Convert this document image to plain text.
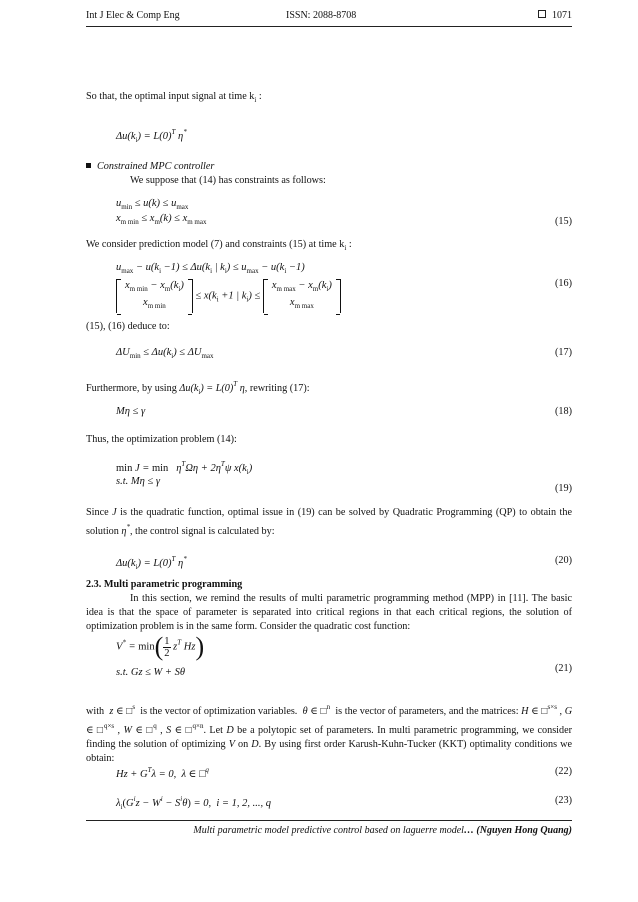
Int J Elec & Comp Eng	ISSN: 2088-8708	1071
So that, the optimal input signal at time $k_i$ :
$\Delta u(k_i) = L(0)^T$ η*
Constrained MPC controller
We suppose that (14) has constraints as follows:
$u_{min} \le u(k) \le u_{max}$
$x_{m min} \le x_m(k) \le x_{m max}$	(15)
We consider prediction model (7) and constraints (15) at time $k_i$ :
$u_{max} - u(k_i -1) \le \Delta u(k_i$ | $k_i) \le u_{max} - u(k_i -1)$
$x_{m min} - x_m(k_i)$
$x_{m min}$
≤ $x(k_i +1$ | $k_i$) ≤
$x_{m max} - x_m(k_i)$
$x_{m max}$
(16)
(15), (16) deduce to:
$\Delta U_{min} \le \Delta u(k_i) \le \Delta U_{max}$	(17)
Furthermore, by using $\Delta u(k_i) = L(0)^T$ η, rewriting (17):
Mη ≤ γ	(18)
Thus, the optimization problem (14):
$\min J = \min \eta^T\Omega\eta + 2\eta^T\psi$ $x(k_i)$
s.t. Mη ≤ γ
(19)
Since J is the quadratic function, optimal issue in (19) can be solved by Quadratic Programming (QP) to obtain the solution η*, the control signal is calculated by:
$\Delta u(k_i) = L(0)^T$ η*	(20)
2.3. Multi parametric programming
In this section, we remind the results of multi parametric programming method (MPP) in [11]. The basic idea is that the space of parameter is separated into critical regions in that each critical regions, the solution of optimization problem is in the same form. Consider the quadratic cost function:
$V^* = \min( \frac{1}{2} z^T$ Hz)
s.t. Gz ≤ W + Sθ	(21)
with z ∈ □$^s$ is the vector of optimization variables. θ ∈ □$^n$ is the vector of parameters, and the matrices: H ∈ □$^{s\times s}$ , G ∈ □$^{q\times s}$ , W ∈ □$^q$ , S ∈ □$^{q\times n}$. Let D be a polytopic set of parameters. In multi parametric programming, we consider finding the solution of optimizing V on D. By using first order Karush-Kuhn-Tucker (KKT) optimality conditions we obtain:
$Hz + G^T\lambda = 0$,  λ ∈ □$^q$	(22)
$\lambda_i(G^iz - W^i - S^i\theta) = 0$,  i = 1, 2, ..., q	(23)
Multi parametric model predictive control based on laguerre model… (Nguyen Hong Quang)
